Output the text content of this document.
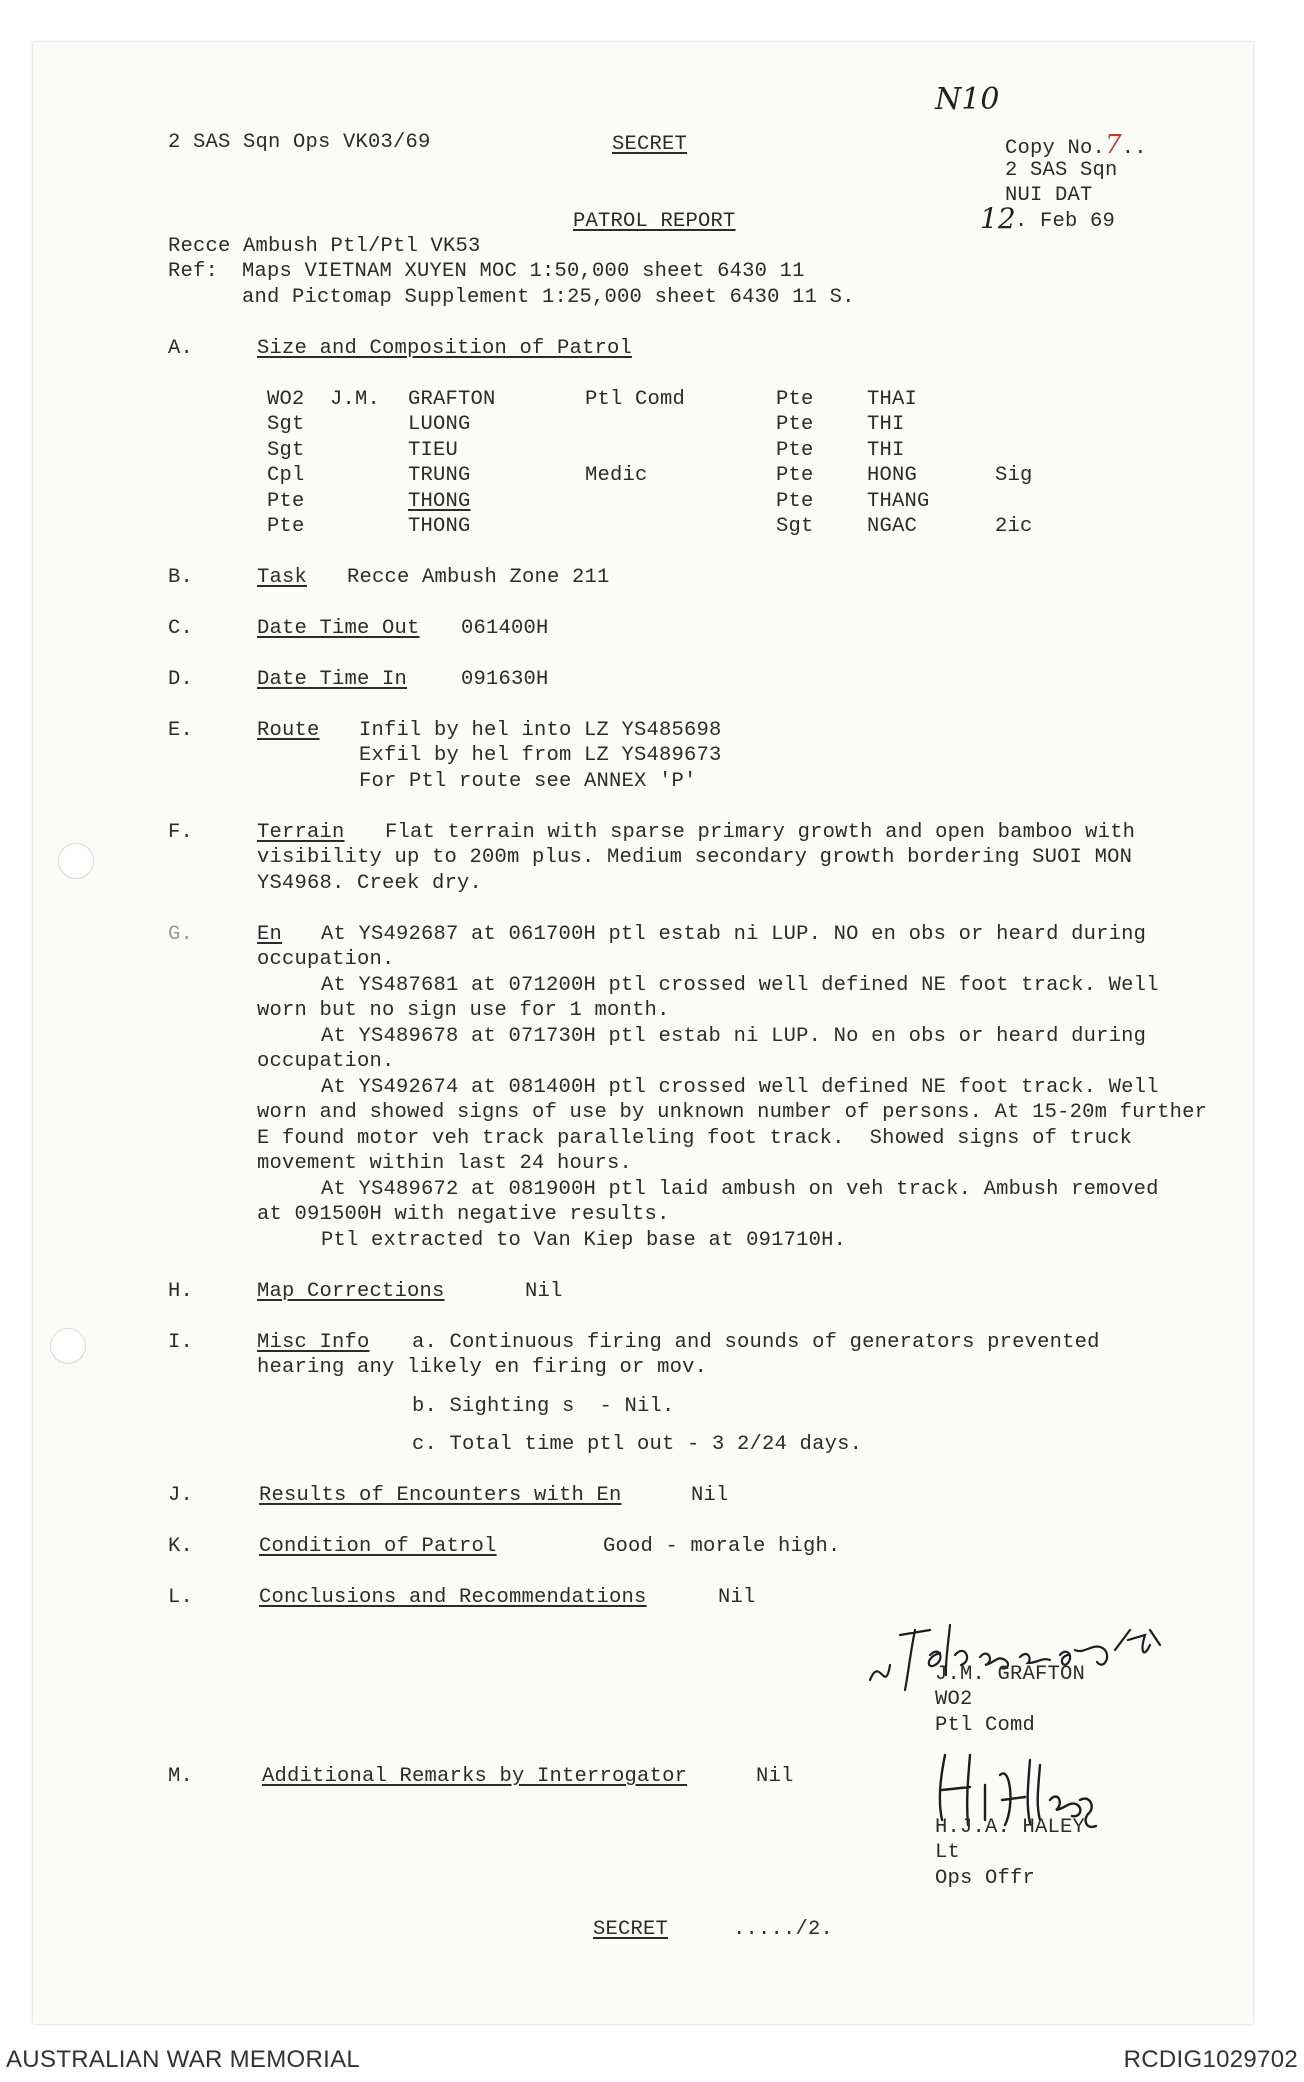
2 SAS Sqn Ops VK03/69	SECRET
N10
Copy No.7..
2 SAS Sqn
NUI DAT
12 . Feb 69
PATROL REPORT
Recce Ambush Ptl/Ptl VK53
Ref: Maps VIETNAM XUYEN MOC 1:50,000 sheet 6430 11
and Pictomap Supplement 1:25,000 sheet 6430 11 S.
A.	Size and Composition of Patrol
WO2 J.M. GRAFTON	Ptl Comd	Pte	THAI
Sgt	LUONG	Pte	THI
Sgt	TIEU	Pte	THI
Cpl	TRUNG	Medic	Pte	HONG	Sig
Pte	THONG	Pte	THANG
Pte	THONG	Sgt	NGAC	2ic
B.	Task Recce Ambush Zone 211
C.	Date Time Out 061400H
D.	Date Time In	091630H
E.	Route Infil by hel into LZ YS485698
Exfil by hel from LZ YS489673
For Ptl route see ANNEX 'P'
F.	Terrain Flat terrain with sparse primary growth and open bamboo with
visibility up to 200m plus. Medium secondary growth bordering SUOI MON
YS4968. Creek dry.
G.	En At YS492687 at 061700H ptl estab ni LUP. NO en obs or heard during
occupation.
At YS487681 at 071200H ptl crossed well defined NE foot track. Well
worn but no sign use for 1 month.
At YS489678 at 071730H ptl estab ni LUP. No en obs or heard during
occupation.
At YS492674 at 081400H ptl crossed well defined NE foot track. Well
worn and showed signs of use by unknown number of persons. At 15-20m further
E found motor veh track paralleling foot track.  Showed signs of truck
movement within last 24 hours.
At YS489672 at 081900H ptl laid ambush on veh track. Ambush removed
at 091500H with negative results.
Ptl extracted to Van Kiep base at 091710H.
H.	Map Corrections	Nil
I.	Misc Info a. Continuous firing and sounds of generators prevented
hearing any likely en firing or mov.
b. Sighting s  - Nil.
c. Total time ptl out - 3 2/24 days.
J.	Results of Encounters with En	Nil
K.	Condition of Patrol	Good - morale high.
L.	Conclusions and Recommendations	Nil
J.M. GRAFTON
WO2
Ptl Comd
M.	Additional Remarks by Interrogator	Nil
H.J.A. HALEY
Lt
Ops Offr
SECRET	...../2.
AUSTRALIAN WAR MEMORIAL	RCDIG1029702
